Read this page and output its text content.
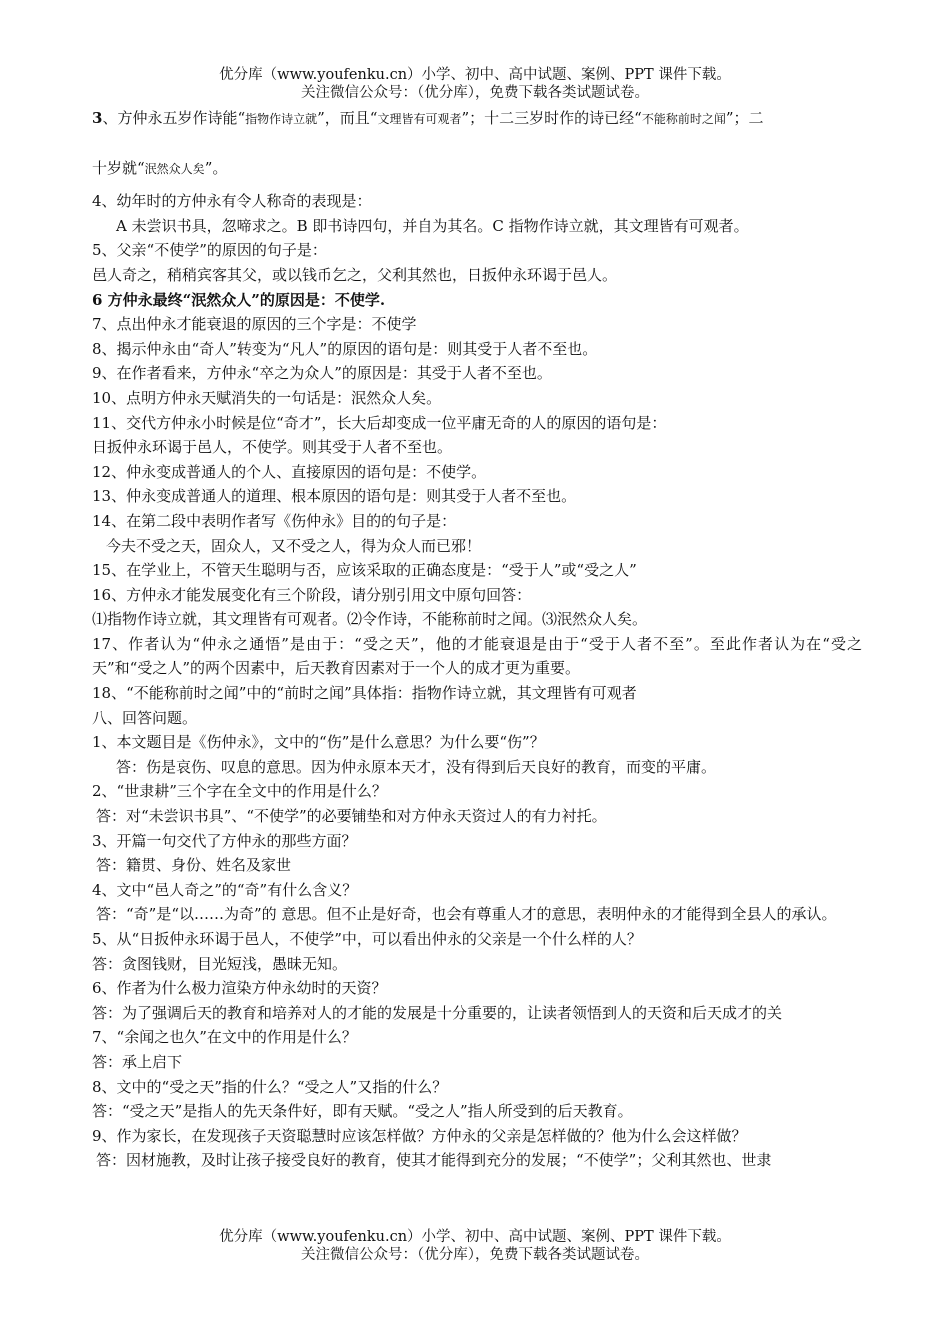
优分库（www.youfenku.cn）小学、初中、高中试题、案例、PPT 课件下载。
关注微信公众号：（优分库），免费下载各类试题试卷。

3、方仲永五岁作诗能“指物作诗立就”，而且“文理皆有可观者”；十二三岁时作的诗已经“不能称前时之闻”；二

十岁就“泯然众人矣”。

4、幼年时的方仲永有令人称奇的表现是：

A 未尝识书具，忽啼求之。B 即书诗四句，并自为其名。C 指物作诗立就，其文理皆有可观者。

5、父亲“不使学”的原因的句子是：

邑人奇之，稍稍宾客其父，或以钱币乞之，父利其然也，日扳仲永环谒于邑人。

6 方仲永最终“泯然众人”的原因是：不使学.

7、点出仲永才能衰退的原因的三个字是：不使学

8、揭示仲永由“奇人”转变为“凡人”的原因的语句是：则其受于人者不至也。

9、在作者看来，方仲永“卒之为众人”的原因是：其受于人者不至也。

10、点明方仲永天赋消失的一句话是：泯然众人矣。

11、交代方仲永小时候是位“奇才”，长大后却变成一位平庸无奇的人的原因的语句是：

日扳仲永环谒于邑人，不使学。则其受于人者不至也。

12、仲永变成普通人的个人、直接原因的语句是：不使学。

13、仲永变成普通人的道理、根本原因的语句是：则其受于人者不至也。

14、在第二段中表明作者写《伤仲永》目的的句子是：

今夫不受之天，固众人，又不受之人，得为众人而已邪！

15、在学业上，不管天生聪明与否，应该采取的正确态度是：“受于人”或“受之人”

16、方仲永才能发展变化有三个阶段，请分别引用文中原句回答：

⑴指物作诗立就，其文理皆有可观者。⑵令作诗，不能称前时之闻。⑶泯然众人矣。

17、作者认为“仲永之通悟”是由于：“受之天”，他的才能衰退是由于“受于人者不至”。至此作者认为在“受之天”和“受之人”的两个因素中，后天教育因素对于一个人的成才更为重要。

18、“不能称前时之闻”中的“前时之闻”具体指：指物作诗立就，其文理皆有可观者

八、回答问题。

1、本文题目是《伤仲永》，文中的“伤”是什么意思？为什么要“伤”？

答：伤是哀伤、叹息的意思。因为仲永原本天才，没有得到后天良好的教育，而变的平庸。

2、“世隶耕”三个字在全文中的作用是什么？

答：对“未尝识书具”、“不使学”的必要铺垫和对方仲永天资过人的有力衬托。

3、开篇一句交代了方仲永的那些方面？

答：籍贯、身份、姓名及家世

4、文中“邑人奇之”的“奇”有什么含义？

答：“奇”是“以……为奇”的 意思。但不止是好奇，也会有尊重人才的意思，表明仲永的才能得到全县人的承认。

5、从“日扳仲永环谒于邑人，不使学”中，可以看出仲永的父亲是一个什么样的人？

答：贪图钱财，目光短浅，愚昧无知。

6、作者为什么极力渲染方仲永幼时的天资？

答：为了强调后天的教育和培养对人的才能的发展是十分重要的，让读者领悟到人的天资和后天成才的关

7、“余闻之也久”在文中的作用是什么？

答：承上启下

8、文中的“受之天”指的什么？“受之人”又指的什么？

答：“受之天”是指人的先天条件好，即有天赋。“受之人”指人所受到的后天教育。

9、作为家长，在发现孩子天资聪慧时应该怎样做？方仲永的父亲是怎样做的？他为什么会这样做？

答：因材施教，及时让孩子接受良好的教育，使其才能得到充分的发展；“不使学”；父利其然也、世隶

优分库（www.youfenku.cn）小学、初中、高中试题、案例、PPT 课件下载。
关注微信公众号：（优分库），免费下载各类试题试卷。
